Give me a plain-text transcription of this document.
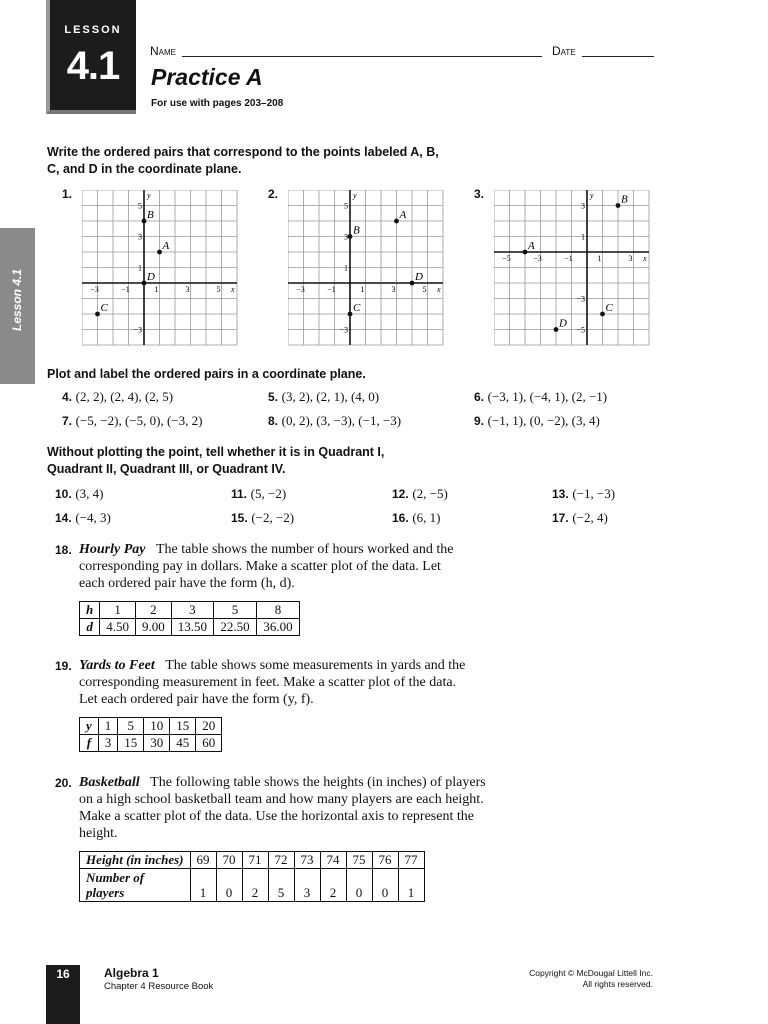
LESSON
4.1	Name	Date
Practice A
For use with pages 203–208
Lesson 4.1
Write the ordered pairs that correspond to the points labeled A, B,
C, and D in the coordinate plane.
1.	2.	3.
y
x
−3	−1	1	3	5
5
3
1
−3
A
B
C
D
y
x
−3	−1	1	3	5
5
3
1
−3
A
B
C
D
y
x
−5	−3	−1	1	3
3
1
−3
−5
A
B
C
D
Plot and label the ordered pairs in a coordinate plane.
4. (2, 2), (2, 4), (2, 5)	5. (3, 2), (2, 1), (4, 0)	6. (−3, 1), (−4, 1), (2, −1)
7. (−5, −2), (−5, 0), (−3, 2)	8. (0, 2), (3, −3), (−1, −3)	9. (−1, 1), (0, −2), (3, 4)
Without plotting the point, tell whether it is in Quadrant I,
Quadrant II, Quadrant III, or Quadrant IV.
10. (3, 4)	11. (5, −2)	12. (2, −5)	13. (−1, −3)
14. (−4, 3)	15. (−2, −2)	16. (6, 1)	17. (−2, 4)
18. Hourly Pay The table shows the number of hours worked and the
corresponding pay in dollars. Make a scatter plot of the data. Let
each ordered pair have the form (h, d).
h	1	2	3	5	8
d	4.50	9.00	13.50	22.50	36.00
19. Yards to Feet The table shows some measurements in yards and the
corresponding measurement in feet. Make a scatter plot of the data.
Let each ordered pair have the form (y, f).
y	1	5	10	15	20
f	3	15	30	45	60
20. Basketball The following table shows the heights (in inches) of players
on a high school basketball team and how many players are each height.
Make a scatter plot of the data. Use the horizontal axis to represent the
height.
Height (in inches)	69	70	71	72	73	74	75	76	77

Number of
players	1	0	2	5	3	2	0	0	1
16	Algebra 1
Chapter 4 Resource Book
Copyright © McDougal Littell Inc.
All rights reserved.
